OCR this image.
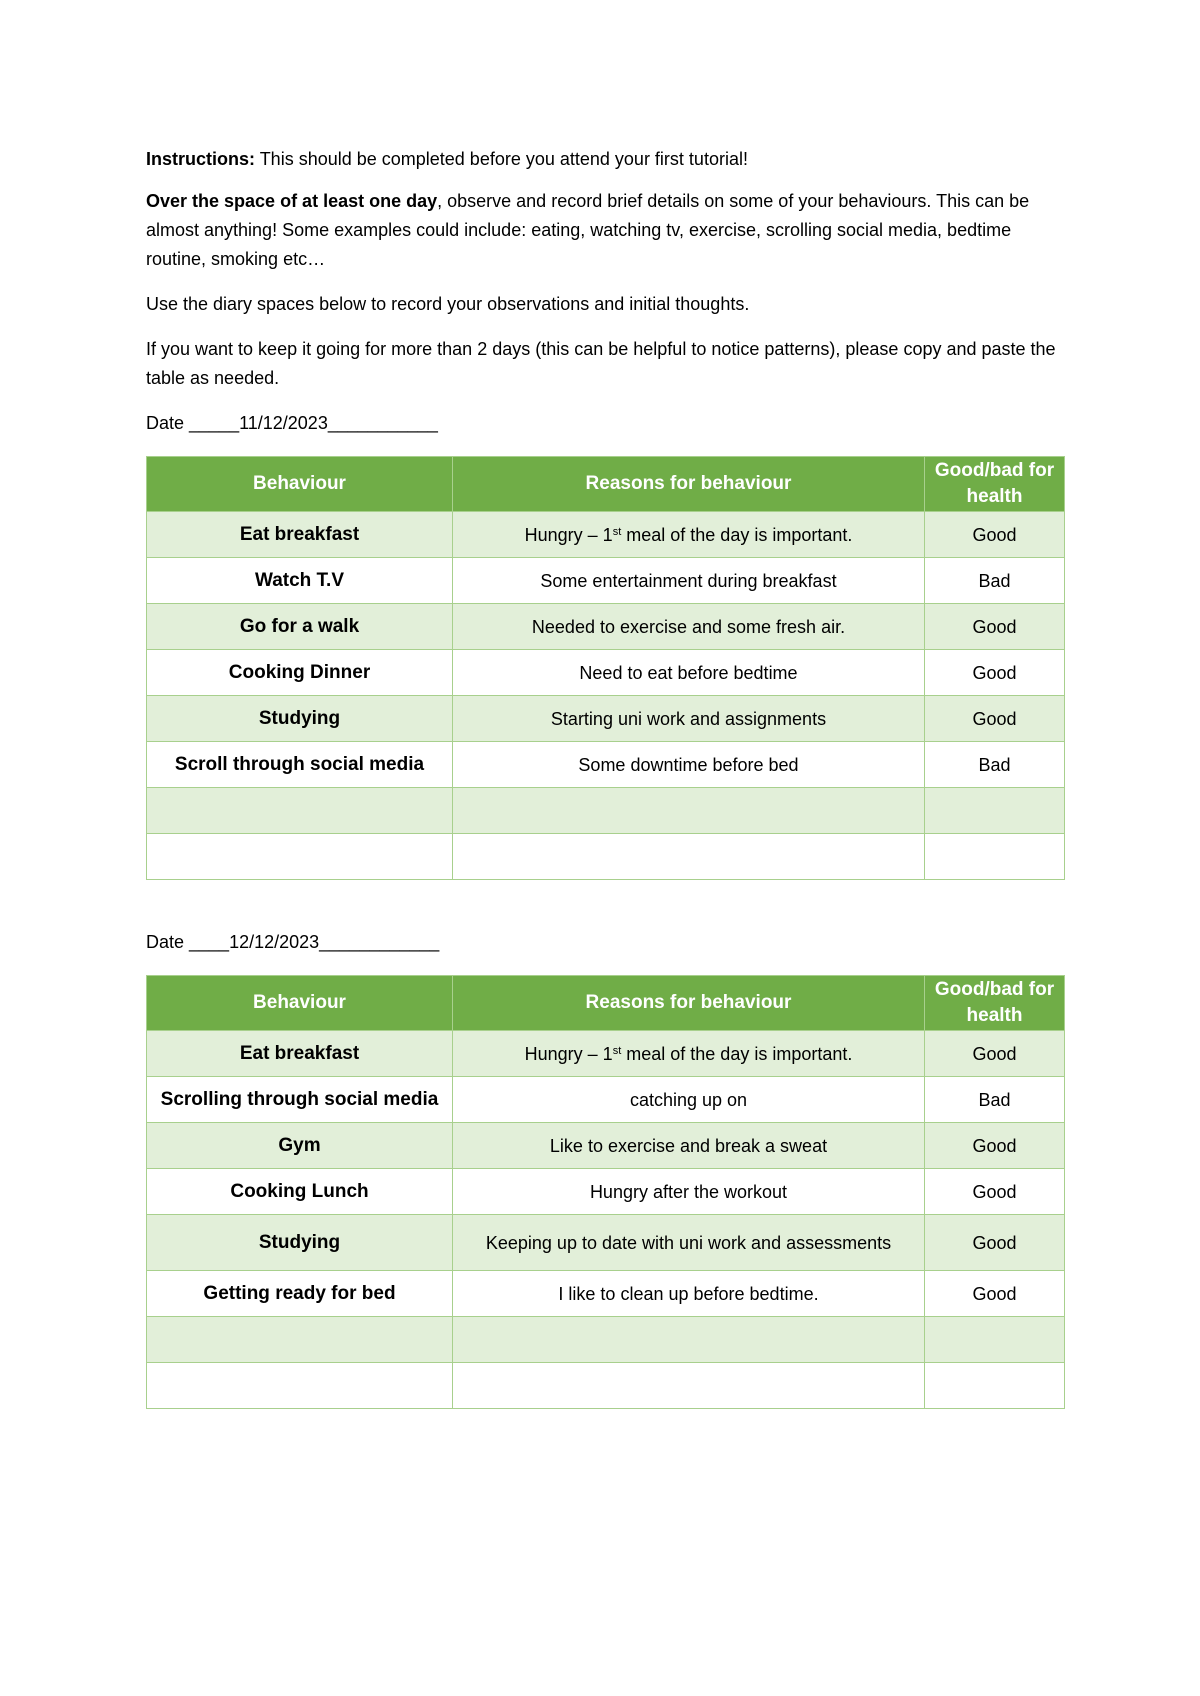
Instructions: This should be completed before you attend your first tutorial!

Over the space of at least one day, observe and record brief details on some of your behaviours. This can be almost anything! Some examples could include: eating, watching tv, exercise, scrolling social media, bedtime routine, smoking etc…

Use the diary spaces below to record your observations and initial thoughts.

If you want to keep it going for more than 2 days (this can be helpful to notice patterns), please copy and paste the table as needed.

Date _____11/12/2023___________
Behaviour	Reasons for behaviour	Good/bad for health
Eat breakfast	Hungry – 1st meal of the day is important.	Good
Watch T.V	Some entertainment during breakfast	Bad
Go for a walk	Needed to exercise and some fresh air.	Good
Cooking Dinner	Need to eat before bedtime	Good
Studying	Starting uni work and assignments	Good
Scroll through social media	Some downtime before bed	Bad

Date ____12/12/2023____________
Behaviour	Reasons for behaviour	Good/bad for health
Eat breakfast	Hungry – 1st meal of the day is important.	Good
Scrolling through social media	catching up on	Bad
Gym	Like to exercise and break a sweat	Good
Cooking Lunch	Hungry after the workout	Good
Studying	Keeping up to date with uni work and assessments	Good
Getting ready for bed	I like to clean up before bedtime.	Good
